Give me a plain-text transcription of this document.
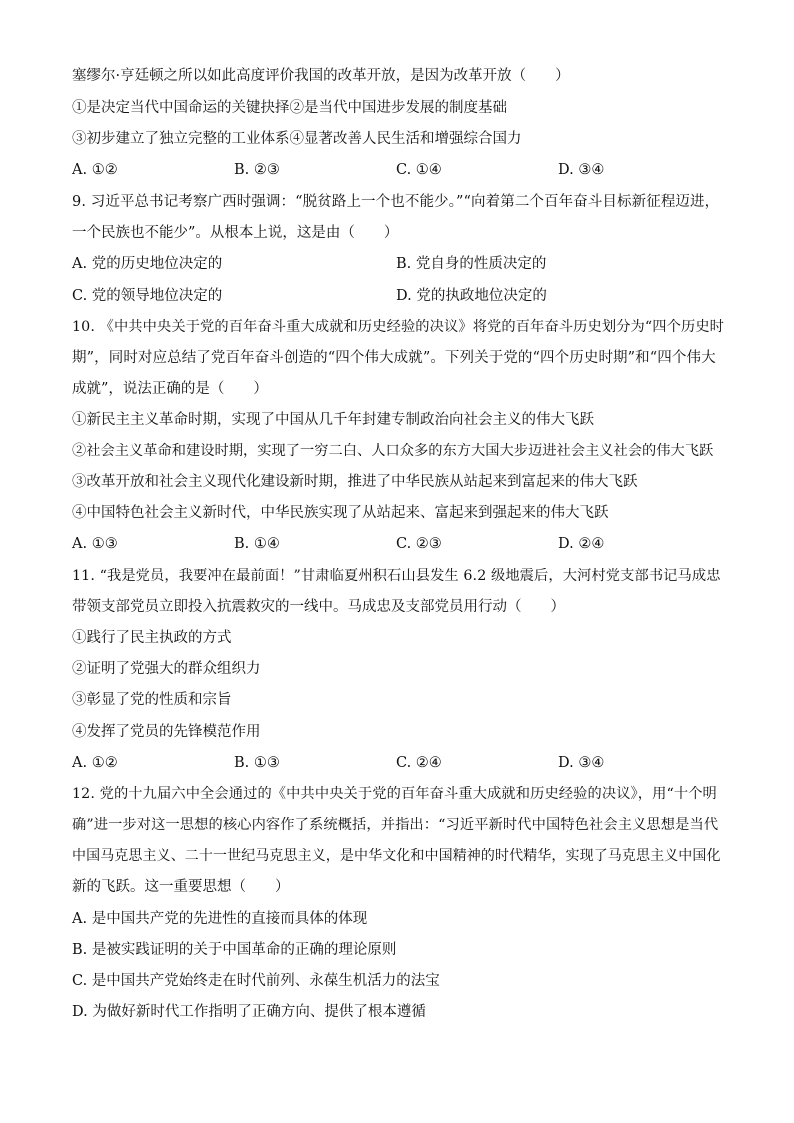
塞缪尔·亨廷顿之所以如此高度评价我国的改革开放，是因为改革开放（　　）
①是决定当代中国命运的关键抉择②是当代中国进步发展的制度基础
③初步建立了独立完整的工业体系④显著改善人民生活和增强综合国力
A. ①②	B. ②③	C. ①④	D. ③④
9. 习近平总书记考察广西时强调：“脱贫路上一个也不能少。”“向着第二个百年奋斗目标新征程迈进，
一个民族也不能少”。从根本上说，这是由（　　）
A. 党的历史地位决定的	B. 党自身的性质决定的
C. 党的领导地位决定的	D. 党的执政地位决定的
10. 《中共中央关于党的百年奋斗重大成就和历史经验的决议》将党的百年奋斗历史划分为“四个历史时
期”，同时对应总结了党百年奋斗创造的“四个伟大成就”。下列关于党的“四个历史时期”和“四个伟大
成就”，说法正确的是（　　）
①新民主主义革命时期，实现了中国从几千年封建专制政治向社会主义的伟大飞跃
②社会主义革命和建设时期，实现了一穷二白、人口众多的东方大国大步迈进社会主义社会的伟大飞跃
③改革开放和社会主义现代化建设新时期，推进了中华民族从站起来到富起来的伟大飞跃
④中国特色社会主义新时代，中华民族实现了从站起来、富起来到强起来的伟大飞跃
A. ①③	B. ①④	C. ②③	D. ②④
11. “我是党员，我要冲在最前面！”甘肃临夏州积石山县发生 6.2 级地震后，大河村党支部书记马成忠
带领支部党员立即投入抗震救灾的一线中。马成忠及支部党员用行动（　　）
①践行了民主执政的方式
②证明了党强大的群众组织力
③彰显了党的性质和宗旨
④发挥了党员的先锋模范作用
A. ①②	B. ①③	C. ②④	D. ③④
12. 党的十九届六中全会通过的《中共中央关于党的百年奋斗重大成就和历史经验的决议》，用“十个明
确”进一步对这一思想的核心内容作了系统概括，并指出：“习近平新时代中国特色社会主义思想是当代
中国马克思主义、二十一世纪马克思主义，是中华文化和中国精神的时代精华，实现了马克思主义中国化
新的飞跃。这一重要思想（　　）
A. 是中国共产党的先进性的直接而具体的体现
B. 是被实践证明的关于中国革命的正确的理论原则
C. 是中国共产党始终走在时代前列、永葆生机活力的法宝
D. 为做好新时代工作指明了正确方向、提供了根本遵循
